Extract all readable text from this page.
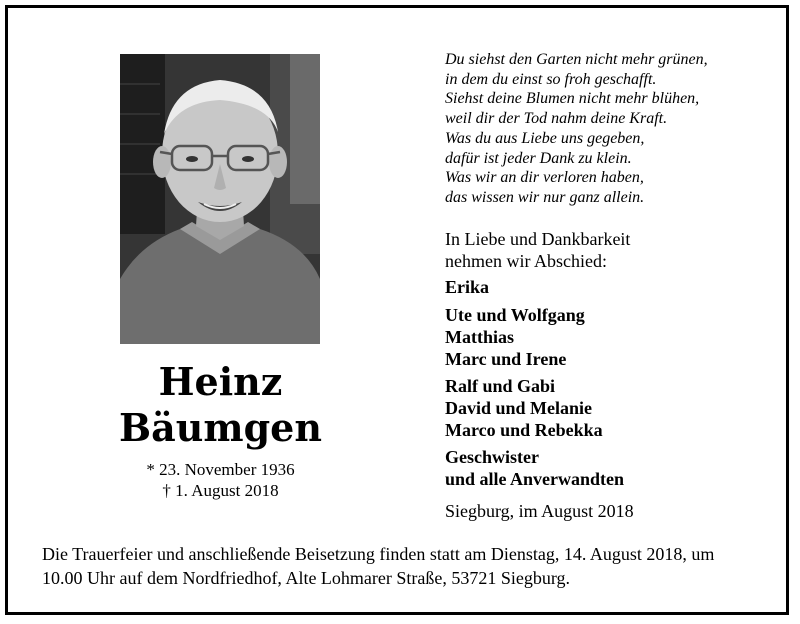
Heinz
Bäumgen
* 23. November 1936
† 1. August 2018
Du siehst den Garten nicht mehr grünen,
in dem du einst so froh geschafft.
Siehst deine Blumen nicht mehr blühen,
weil dir der Tod nahm deine Kraft.
Was du aus Liebe uns gegeben,
dafür ist jeder Dank zu klein.
Was wir an dir verloren haben,
das wissen wir nur ganz allein.
In Liebe und Dankbarkeit
nehmen wir Abschied:
Erika
Ute und Wolfgang
Matthias
Marc und Irene
Ralf und Gabi
David und Melanie
Marco und Rebekka
Geschwister
und alle Anverwandten
Siegburg, im August 2018
Die Trauerfeier und anschließende Beisetzung finden statt am Dienstag, 14. August 2018, um
10.00 Uhr auf dem Nordfriedhof, Alte Lohmarer Straße, 53721 Siegburg.
